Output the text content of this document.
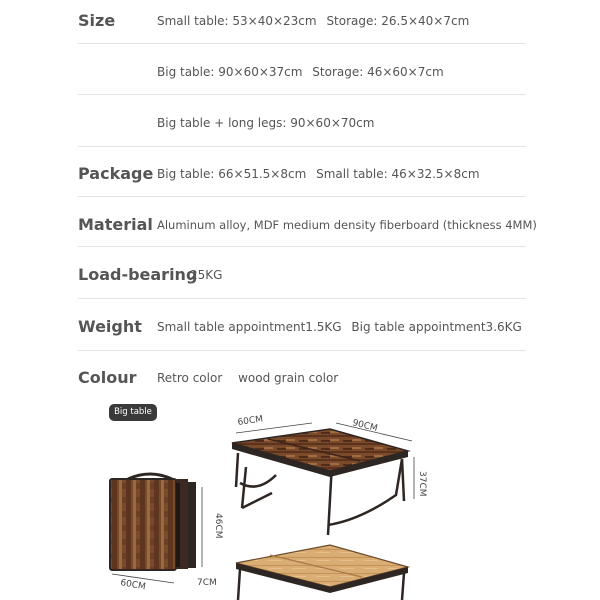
Size	Small table: 53×40×23cm Storage: 26.5×40×7cm
Big table: 90×60×37cm Storage: 46×60×7cm
Big table + long legs: 90×60×70cm
Package Big table: 66×51.5×8cm Small table: 46×32.5×8cm
Material Aluminum alloy, MDF medium density fiberboard (thickness 4MM)
Load-bearing
25KG
Weight Small table appointment1.5KG Big table appointment3.6KG
Colour Retro color wood grain color
Big table
60CM
46CM
7CM
60CM	90CM
37CM
